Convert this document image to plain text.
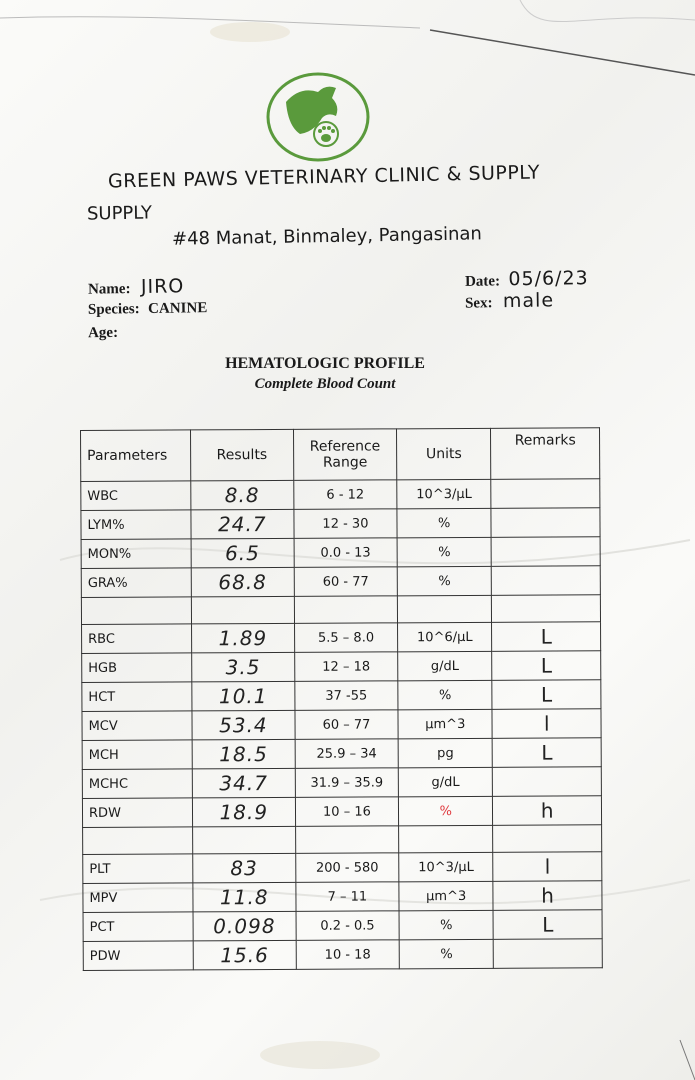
GREEN PAWS VETERINARY CLINIC & SUPPLY
SUPPLY
#48 Manat, Binmaley, Pangasinan
Name: JIRO
Species: CANINE
Age:
Date: 05/6/23
Sex: male
HEMATOLOGIC PROFILE
Complete Blood Count
Parameters	Results	Reference Range	Units	Remarks
WBC	8.8	6 - 12	10^3/µL	
LYM%	24.7	12 - 30	%	
MON%	6.5	0.0 - 13	%	
GRA%	68.8	60 - 77	%	

RBC	1.89	5.5 – 8.0	10^6/µL	L
HGB	3.5	12 – 18	g/dL	L
HCT	10.1	37 -55	%	L
MCV	53.4	60 – 77	µm^3	l
MCH	18.5	25.9 – 34	pg	L
MCHC	34.7	31.9 – 35.9	g/dL	
RDW	18.9	10 – 16	%	h

PLT	83	200 - 580	10^3/µL	l
MPV	11.8	7 – 11	µm^3	h
PCT	0.098	0.2 - 0.5	%	L
PDW	15.6	10 - 18	%	
